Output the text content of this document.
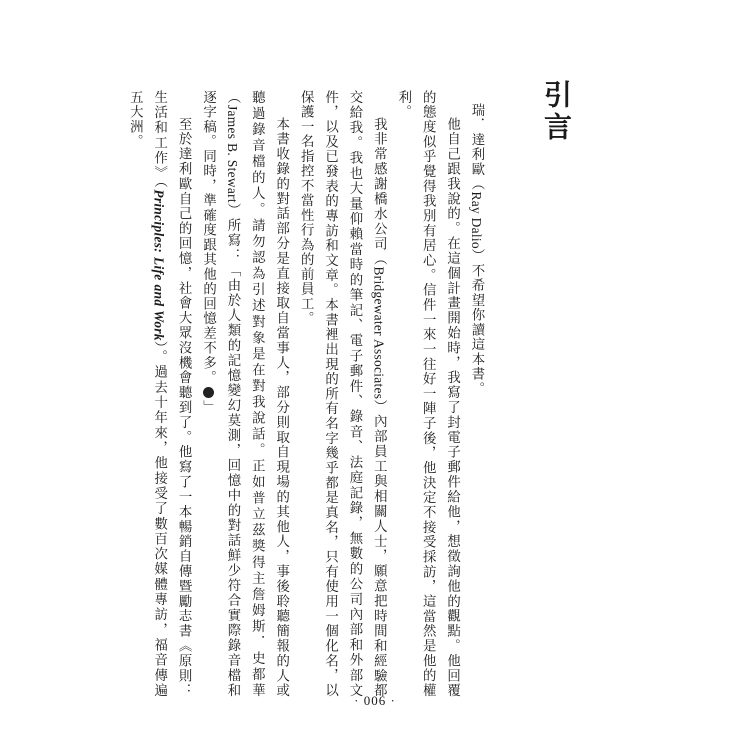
引言

瑞．達利歐（Ray Dalio）不希望你讀這本書。

他自己跟我說的。在這個計畫開始時，我寫了封電子郵件給他，想徵詢他的觀點。他回覆的態度似乎覺得我別有居心。信件一來一往好一陣子後，他決定不接受採訪，這當然是他的權利。

我非常感謝橋水公司（Bridgewater Associates）內部員工與相關人士，願意把時間和經驗都交給我。我也大量仰賴當時的筆記、電子郵件、錄音、法庭記錄，無數的公司內部和外部文件，以及已發表的專訪和文章。本書裡出現的所有名字幾乎都是真名，只有使用一個化名，以保護一名指控不當性行為的前員工。

本書收錄的對話部分是直接取自當事人，部分則取自現場的其他人，事後聆聽簡報的人或聽過錄音檔的人。請勿認為引述對象是在對我說話。正如普立茲獎得主詹姆斯．史都華（James B. Stewart）所寫：「由於人類的記憶變幻莫測，回憶中的對話鮮少符合實際錄音檔和逐字稿。同時，準確度跟其他的回憶差不多。1」

至於達利歐自己的回憶，社會大眾沒機會聽到了。他寫了一本暢銷自傳暨勵志書《原則：生活和工作》（Principles: Life and Work）。過去十年來，他接受了數百次媒體專訪，福音傳遍五大洲。

· 006 ·
